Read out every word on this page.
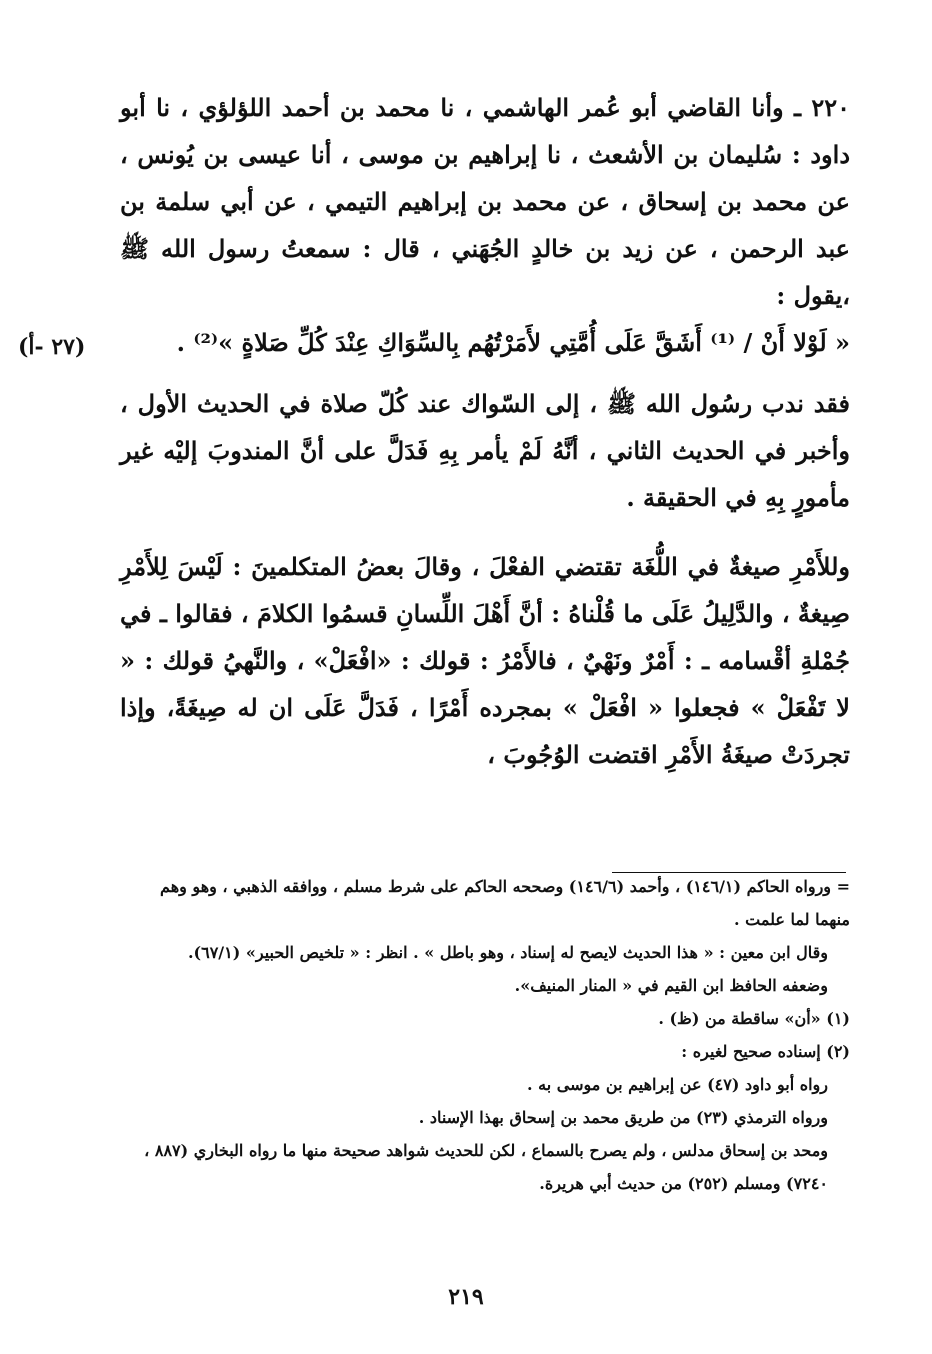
٢٢٠ ـ وأنا القاضي أبو عُمر الهاشمي ، نا محمد بن أحمد اللؤلؤي ، نا أبو داود : سُليمان بن الأشعث ، نا إبراهيم بن موسى ، أنا عيسى بن يُونس ، عن محمد بن إسحاق ، عن محمد بن إبراهيم التيمي ، عن أبي سلمة بن عبد الرحمن ، عن زيد بن خالدٍ الجُهَني ، قال : سمعتُ رسول الله ﷺ ،يقول :

« لَوْلا أَنْ / ⁽¹⁾ أَشَقَّ عَلَى أُمَّتِي لأَمَرْتُهُم بِالسِّوَاكِ عِنْدَ كُلِّ صَلاةٍ »⁽²⁾ .

فقد ندب رسُول الله ﷺ ، إلى السّواك عند كُلّ صلاة في الحديث الأول ، وأخبر في الحديث الثاني ، أنَّهُ لَمْ يأمر بِهِ فَدَلَّ على أنَّ المندوبَ إليْه غير مأمورٍ بِهِ في الحقيقة .

وللأَمْرِ صيغةٌ في اللُّغَة تقتضي الفعْلَ ، وقالَ بعضُ المتكلمينَ : لَيْسَ لِلأَمْرِ صِيغةٌ ، والدَّلِيلُ عَلَى ما قُلْناهُ : أنَّ أَهْلَ اللِّسانِ قسمُوا الكلامَ ، فقالوا ـ في جُمْلةِ أقْسامه ـ : أَمْرٌ ونَهْيٌ ، فالأَمْرُ : قولك : «افْعَلْ» ، والنَّهيُ قولك : « لا تَفْعَلْ » فجعلوا « افْعَلْ » بمجرده أَمْرًا ، فَدَلَّ عَلَى ان له صِيغَةً، وإذا تجردَتْ صيغَةُ الأَمْرِ اقتضت الوُجُوبَ ،

(٢٧ -أ)

= ورواه الحاكم (١٤٦/١) ، وأحمد (١٤٦/٦) وصححه الحاكم على شرط مسلم ، ووافقه الذهبي ، وهو وهم منهما لما علمت .

وقال ابن معين : « هذا الحديث لايصح له إسناد ، وهو باطل » . انظر : « تلخيص الحبير» (٦٧/١).

وضعفه الحافظ ابن القيم في « المنار المنيف».

(١) «أن» ساقطة من (ظ) .

(٢) إسناده صحيح لغيره :

رواه أبو داود (٤٧) عن إبراهيم بن موسى به .

ورواه الترمذي (٢٣) من طريق محمد بن إسحاق بهذا الإسناد .

ومحد بن إسحاق مدلس ، ولم يصرح بالسماع ، لكن للحديث شواهد صحيحة منها ما رواه البخاري (٨٨٧ ، ٧٢٤٠) ومسلم (٢٥٢) من حديث أبي هريرة.

٢١٩
